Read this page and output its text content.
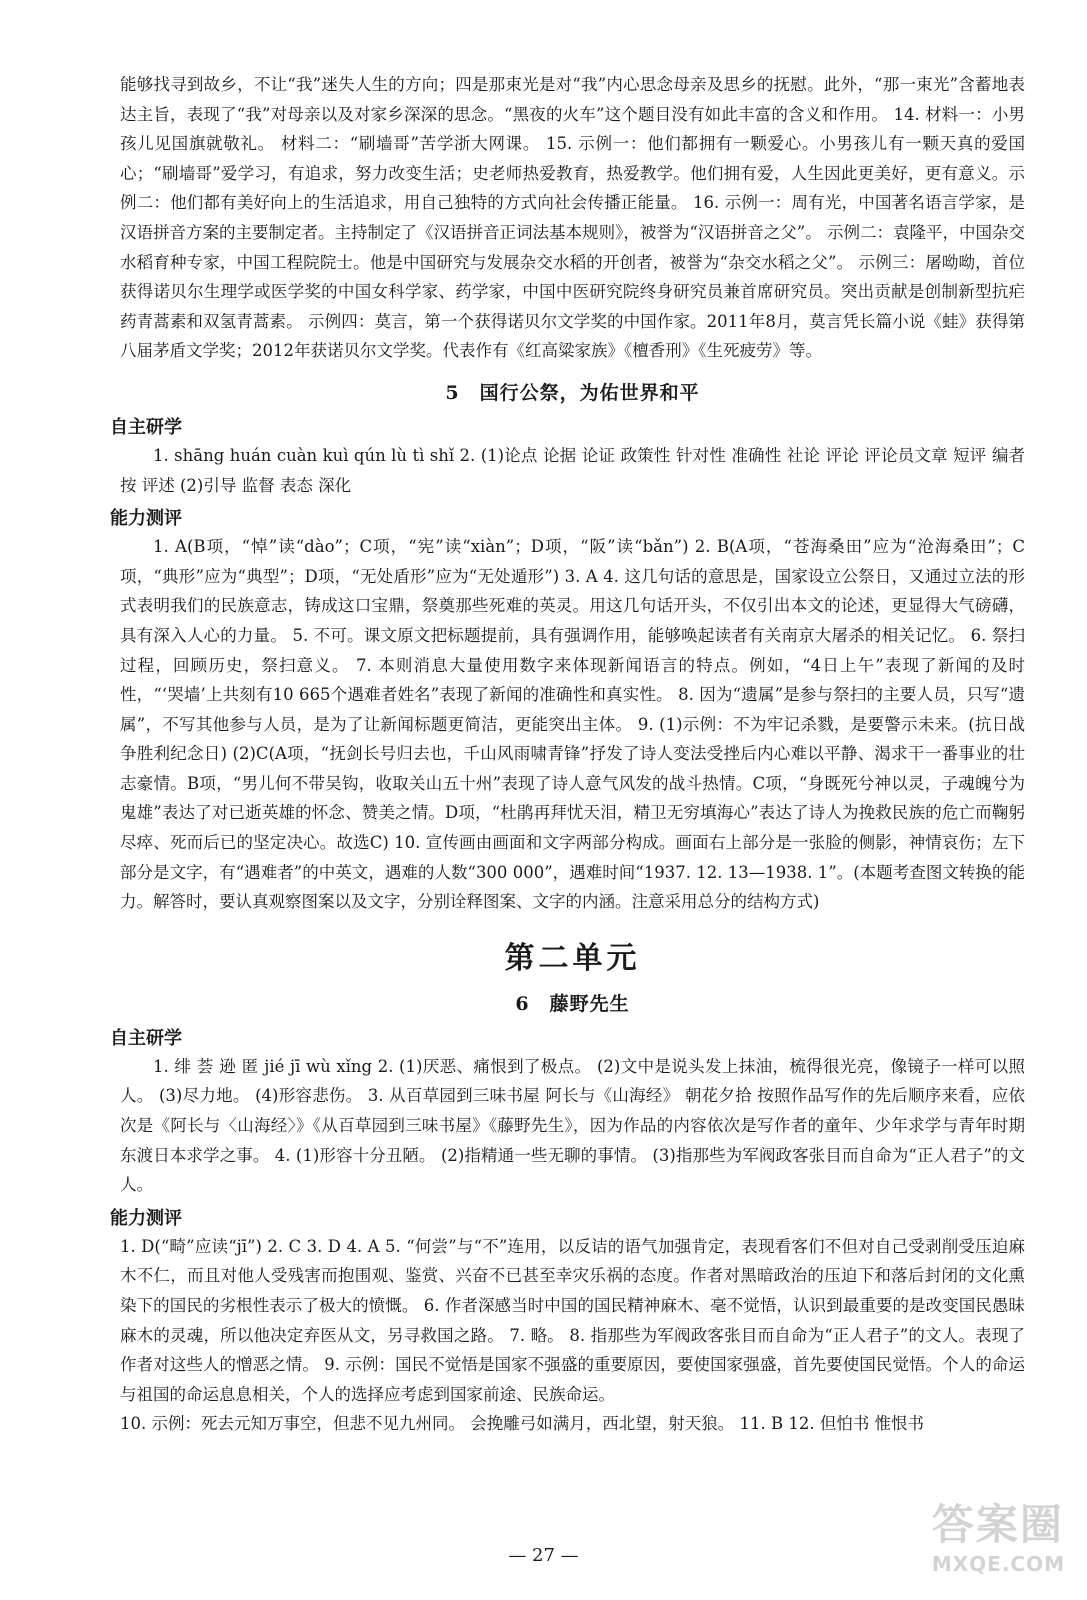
能够找寻到故乡，不让“我”迷失人生的方向；四是那束光是对“我”内心思念母亲及思乡的抚慰。此外，“那一束光”含蓄地表达主旨，表现了“我”对母亲以及对家乡深深的思念。“黑夜的火车”这个题目没有如此丰富的含义和作用。 14. 材料一：小男孩儿见国旗就敬礼。 材料二：“刷墙哥”苦学浙大网课。 15. 示例一：他们都拥有一颗爱心。小男孩儿有一颗天真的爱国心；“刷墙哥”爱学习，有追求，努力改变生活；史老师热爱教育，热爱教学。他们拥有爱，人生因此更美好，更有意义。示例二：他们都有美好向上的生活追求，用自己独特的方式向社会传播正能量。 16. 示例一：周有光，中国著名语言学家，是汉语拼音方案的主要制定者。主持制定了《汉语拼音正词法基本规则》，被誉为“汉语拼音之父”。 示例二：袁隆平，中国杂交水稻育种专家，中国工程院院士。他是中国研究与发展杂交水稻的开创者，被誉为“杂交水稻之父”。 示例三：屠呦呦，首位获得诺贝尔生理学或医学奖的中国女科学家、药学家，中国中医研究院终身研究员兼首席研究员。突出贡献是创制新型抗疟药青蒿素和双氢青蒿素。 示例四：莫言，第一个获得诺贝尔文学奖的中国作家。2011年8月，莫言凭长篇小说《蛙》获得第八届茅盾文学奖；2012年获诺贝尔文学奖。代表作有《红高粱家族》《檀香刑》《生死疲劳》等。

5　国行公祭，为佑世界和平
自主研学

1. shāng huán cuàn kuì qún lù tì shǐ 2. (1)论点 论据 论证 政策性 针对性 准确性 社论 评论 评论员文章 短评 编者按 评述 (2)引导 监督 表态 深化

能力测评

1. A(B项，“悼”读“dào”；C项，“宪”读“xiàn”；D项，“阪”读“bǎn”) 2. B(A项，“苍海桑田”应为“沧海桑田”；C项，“典形”应为“典型”；D项，“无处盾形”应为“无处遁形”) 3. A 4. 这几句话的意思是，国家设立公祭日，又通过立法的形式表明我们的民族意志，铸成这口宝鼎，祭奠那些死难的英灵。用这几句话开头，不仅引出本文的论述，更显得大气磅礴，具有深入人心的力量。 5. 不可。课文原文把标题提前，具有强调作用，能够唤起读者有关南京大屠杀的相关记忆。 6. 祭扫过程，回顾历史，祭扫意义。 7. 本则消息大量使用数字来体现新闻语言的特点。例如，“4日上午”表现了新闻的及时性，“‘哭墙’上共刻有10 665个遇难者姓名”表现了新闻的准确性和真实性。 8. 因为“遗属”是参与祭扫的主要人员，只写“遗属”，不写其他参与人员，是为了让新闻标题更简洁，更能突出主体。 9. (1)示例：不为牢记杀戮，是要警示未来。(抗日战争胜利纪念日) (2)C(A项，“抚剑长号归去也，千山风雨啸青锋”抒发了诗人变法受挫后内心难以平静、渴求干一番事业的壮志豪情。B项，“男儿何不带吴钩，收取关山五十州”表现了诗人意气风发的战斗热情。C项，“身既死兮神以灵，子魂魄兮为鬼雄”表达了对已逝英雄的怀念、赞美之情。D项，“杜鹃再拜忧天泪，精卫无穷填海心”表达了诗人为挽救民族的危亡而鞠躬尽瘁、死而后已的坚定决心。故选C) 10. 宣传画由画面和文字两部分构成。画面右上部分是一张脸的侧影，神情哀伤；左下部分是文字，有“遇难者”的中英文，遇难的人数“300 000”，遇难时间“1937. 12. 13—1938. 1”。(本题考查图文转换的能力。解答时，要认真观察图案以及文字，分别诠释图案、文字的内涵。注意采用总分的结构方式)

第二单元
6　藤野先生
自主研学

1. 绯 荟 逊 匿 jié jī wù xǐng 2. (1)厌恶、痛恨到了极点。 (2)文中是说头发上抹油，梳得很光亮，像镜子一样可以照人。 (3)尽力地。 (4)形容悲伤。 3. 从百草园到三味书屋 阿长与《山海经》 朝花夕拾 按照作品写作的先后顺序来看，应依次是《阿长与〈山海经〉》《从百草园到三味书屋》《藤野先生》，因为作品的内容依次是写作者的童年、少年求学与青年时期东渡日本求学之事。 4. (1)形容十分丑陋。 (2)指精通一些无聊的事情。 (3)指那些为军阀政客张目而自命为“正人君子”的文人。

能力测评

1. D(“畸”应读“jī”) 2. C 3. D 4. A 5. “何尝”与“不”连用，以反诘的语气加强肯定，表现看客们不但对自己受剥削受压迫麻木不仁，而且对他人受残害而抱围观、鉴赏、兴奋不已甚至幸灾乐祸的态度。作者对黑暗政治的压迫下和落后封闭的文化熏染下的国民的劣根性表示了极大的愤慨。 6. 作者深感当时中国的国民精神麻木、毫不觉悟，认识到最重要的是改变国民愚昧麻木的灵魂，所以他决定弃医从文，另寻救国之路。 7. 略。 8. 指那些为军阀政客张目而自命为“正人君子”的文人。表现了作者对这些人的憎恶之情。 9. 示例：国民不觉悟是国家不强盛的重要原因，要使国家强盛，首先要使国民觉悟。个人的命运与祖国的命运息息相关，个人的选择应考虑到国家前途、民族命运。

10. 示例：死去元知万事空，但悲不见九州同。 会挽雕弓如满月，西北望，射天狼。 11. B 12. 但怕书 惟恨书

— 27 —
答案圈
MXQE.COM
